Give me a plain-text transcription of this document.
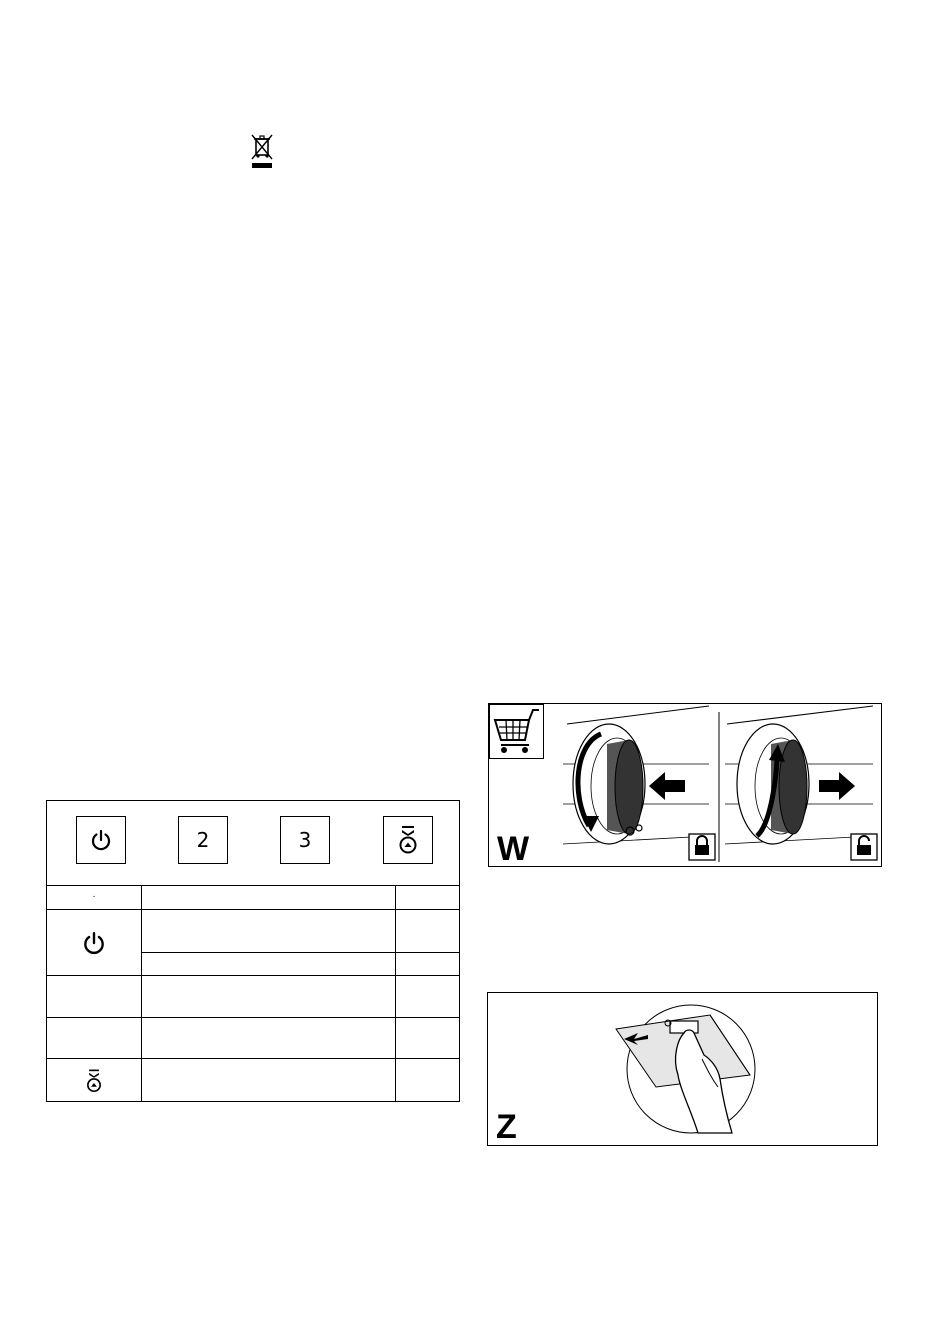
2	3
·
W
Z
